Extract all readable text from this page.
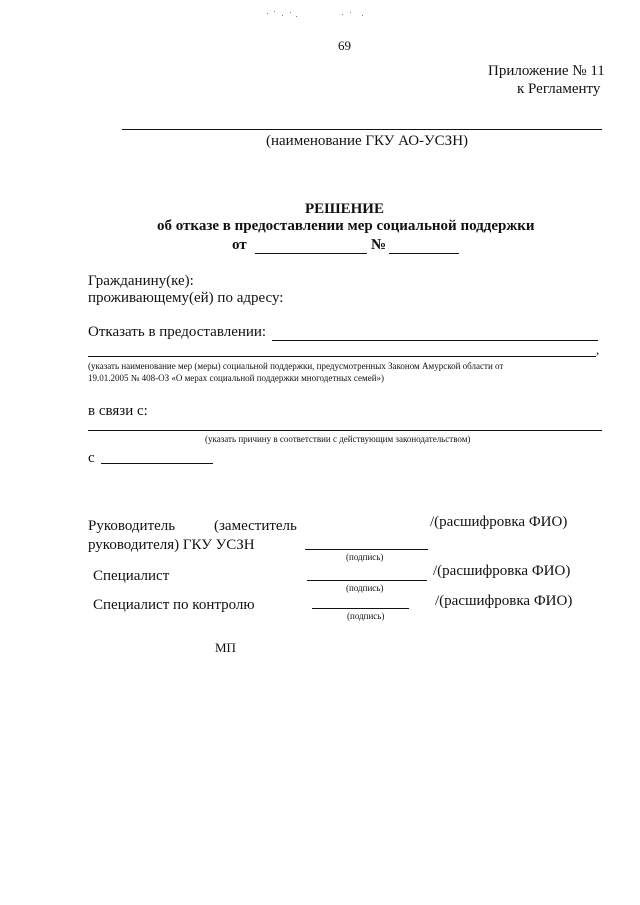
69
Приложение № 11
к Регламенту
(наименование ГКУ АО-УСЗН)
РЕШЕНИЕ
об отказе в предоставлении мер социальной поддержки
от	№
Гражданину(ке):
проживающему(ей) по адресу:
Отказать в предоставлении:
,
(указать наименование мер (меры) социальной поддержки, предусмотренных Законом Амурской области от
19.01.2005 № 408-ОЗ «О мерах социальной поддержки многодетных семей»)
в связи с:
(указать причину в соответствии с действующим законодательством)
с
Руководитель	(заместитель	/(расшифровка ФИО)
руководителя) ГКУ УСЗН
(подпись)
Специалист	/(расшифровка ФИО)
(подпись)
Специалист по контролю	/(расшифровка ФИО)
(подпись)
МП
